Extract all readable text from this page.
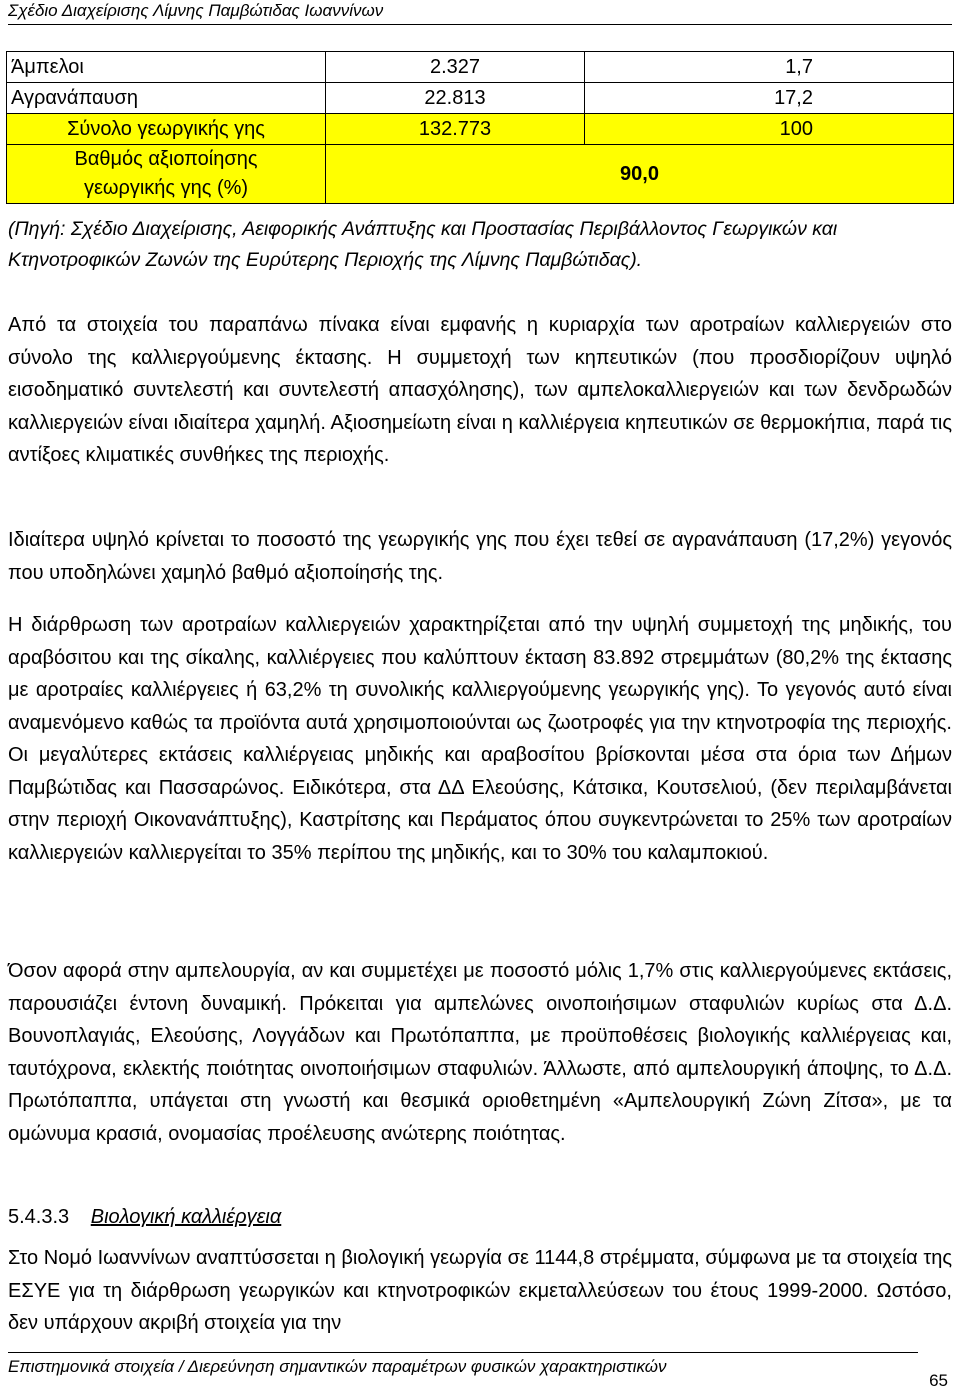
Σχέδιο Διαχείρισης Λίμνης Παμβώτιδας Ιωαννίνων
Άμπελοι	2.327	1,7
Αγρανάπαυση	22.813	17,2
Σύνολο γεωργικής γης	132.773	100

Βαθμός αξιοποίησης
γεωργικής γης (%)	90,0	
(Πηγή: Σχέδιο Διαχείρισης, Αειφορικής Ανάπτυξης και Προστασίας Περιβάλλοντος Γεωργικών και Κτηνοτροφικών Ζωνών της Ευρύτερης Περιοχής της Λίμνης Παμβώτιδας).
Από τα στοιχεία του παραπάνω πίνακα είναι εμφανής η κυριαρχία των αροτραίων καλλιεργειών στο σύνολο της καλλιεργούμενης έκτασης. Η συμμετοχή των κηπευτικών (που προσδιορίζουν υψηλό εισοδηματικό συντελεστή και συντελεστή απασχόλησης), των αμπελοκαλλιεργειών και των δενδρωδών καλλιεργειών είναι ιδιαίτερα χαμηλή. Αξιοσημείωτη είναι η καλλιέργεια κηπευτικών σε θερμοκήπια, παρά τις αντίξοες κλιματικές συνθήκες της περιοχής.
Ιδιαίτερα υψηλό κρίνεται το ποσοστό της γεωργικής γης που έχει τεθεί σε αγρανάπαυση (17,2%) γεγονός που υποδηλώνει χαμηλό βαθμό αξιοποίησής της.
Η διάρθρωση των αροτραίων καλλιεργειών χαρακτηρίζεται από την υψηλή συμμετοχή της μηδικής, του αραβόσιτου και της σίκαλης, καλλιέργειες που καλύπτουν έκταση 83.892 στρεμμάτων (80,2% της έκτασης με αροτραίες καλλιέργειες ή 63,2% τη συνολικής καλλιεργούμενης γεωργικής γης). Το γεγονός αυτό είναι αναμενόμενο καθώς τα προϊόντα αυτά χρησιμοποιούνται ως ζωοτροφές για την κτηνοτροφία της περιοχής. Οι μεγαλύτερες εκτάσεις καλλιέργειας μηδικής και αραβοσίτου βρίσκονται μέσα στα όρια των Δήμων Παμβώτιδας και Πασσαρώνος. Ειδικότερα, στα ΔΔ Ελεούσης, Κάτσικα, Κουτσελιού, (δεν περιλαμβάνεται στην περιοχή Οικονανάπτυξης), Καστρίτσης και Περάματος όπου συγκεντρώνεται το 25% των αροτραίων καλλιεργειών καλλιεργείται το 35% περίπου της μηδικής, και το 30% του καλαμποκιού.
Όσον αφορά στην αμπελουργία, αν και συμμετέχει με ποσοστό μόλις 1,7% στις καλλιεργούμενες εκτάσεις, παρουσιάζει έντονη δυναμική. Πρόκειται για αμπελώνες οινοποιήσιμων σταφυλιών κυρίως στα Δ.Δ. Βουνοπλαγιάς, Ελεούσης, Λογγάδων και Πρωτόπαππα, με προϋποθέσεις βιολογικής καλλιέργειας και, ταυτόχρονα, εκλεκτής ποιότητας οινοποιήσιμων σταφυλιών. Άλλωστε, από αμπελουργική άποψης, το Δ.Δ. Πρωτόπαππα, υπάγεται στη γνωστή και θεσμικά οριοθετημένη «Αμπελουργική Ζώνη Ζίτσα», με τα ομώνυμα κρασιά, ονομασίας προέλευσης ανώτερης ποιότητας.
5.4.3.3 Βιολογική καλλιέργεια
Στο Νομό Ιωαννίνων αναπτύσσεται η βιολογική γεωργία σε 1144,8 στρέμματα, σύμφωνα με τα στοιχεία της ΕΣΥΕ για τη διάρθρωση γεωργικών και κτηνοτροφικών εκμεταλλεύσεων του έτους 1999-2000. Ωστόσο, δεν υπάρχουν ακριβή στοιχεία για την
Επιστημονικά στοιχεία / Διερεύνηση σημαντικών παραμέτρων φυσικών χαρακτηριστικών
65
